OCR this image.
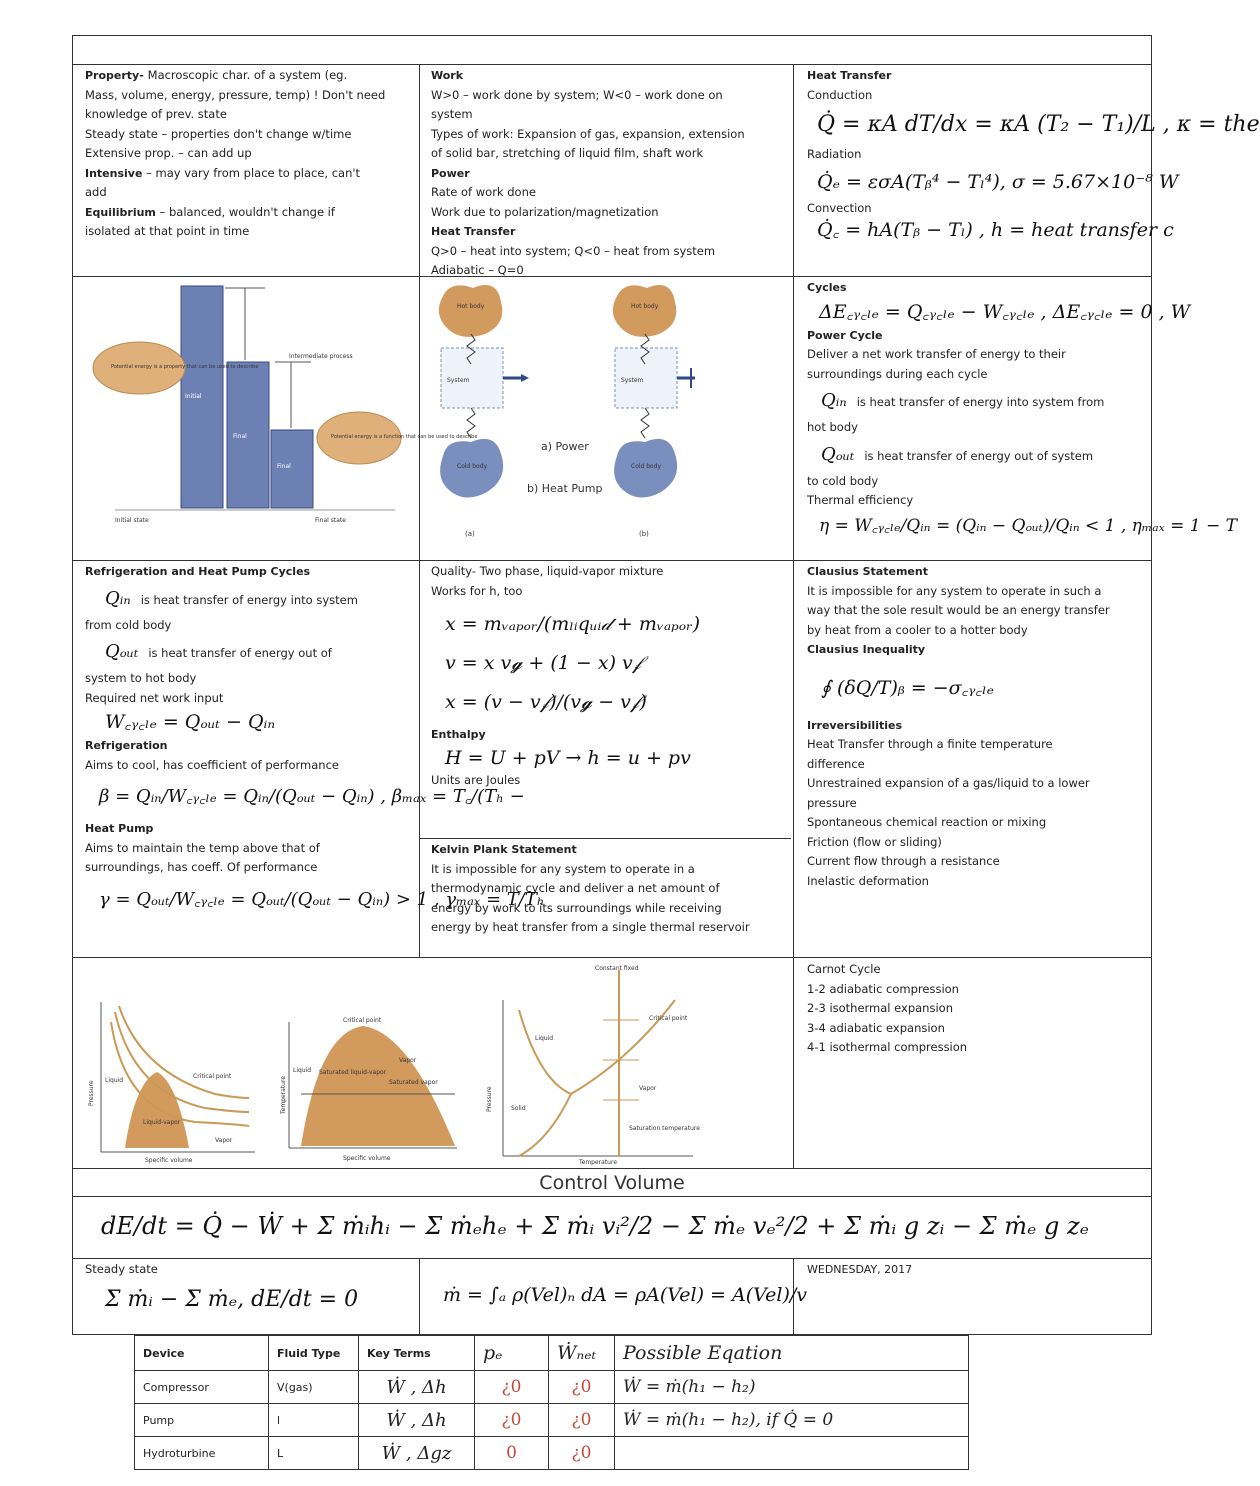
Property- Macroscopic char. of a system (eg.

Mass, volume, energy, pressure, temp) ! Don't need

knowledge of prev. state

Steady state – properties don't change w/time

Extensive prop. – can add up

Intensive – may vary from place to place, can't

add

Equilibrium – balanced, wouldn't change if

isolated at that point in time

Work

W>0 – work done by system; W<0 – work done on

system

Types of work: Expansion of gas, expansion, extension

of solid bar, stretching of liquid film, shaft work

Power

Rate of work done

Work due to polarization/magnetization

Heat Transfer

Q>0 – heat into system; Q<0 – heat from system

Adiabatic – Q=0

Heat Transfer

Conduction

Q̇ = κA dT/dx = κA (T₂ − T₁)/L , κ = the

Radiation

Q̇ₑ = εσA(Tᵦ⁴ − Tₗ⁴), σ = 5.67×10⁻⁸ W

Convection

Q̇꜀ = hA(Tᵦ − Tₗ) , h = heat transfer c

Intermediate process
Initial
Final
Final
Potential energy is a property that can be used to describe
Potential energy is a function that can be used to describe
Initial state	Final state
Hot body
System
Cold body
a) Power
(a)
Hot body
System
Cold body
b) Heat Pump
(b)

Cycles

ΔE꜀ᵧ꜀ₗₑ = Q꜀ᵧ꜀ₗₑ − W꜀ᵧ꜀ₗₑ , ΔE꜀ᵧ꜀ₗₑ = 0 , W

Power Cycle

Deliver a net work transfer of energy to their

surroundings during each cycle

Qᵢₙ is heat transfer of energy into system from

hot body

Qₒᵤₜ is heat transfer of energy out of system

to cold body

Thermal efficiency

η = W꜀ᵧ꜀ₗₑ/Qᵢₙ = (Qᵢₙ − Qₒᵤₜ)/Qᵢₙ < 1 , ηₘₐₓ = 1 − T

Refrigeration and Heat Pump Cycles

Qᵢₙ is heat transfer of energy into system

from cold body

Qₒᵤₜ is heat transfer of energy out of

system to hot body

Required net work input

W꜀ᵧ꜀ₗₑ = Qₒᵤₜ − Qᵢₙ

Refrigeration

Aims to cool, has coefficient of performance

β = Qᵢₙ/W꜀ᵧ꜀ₗₑ = Qᵢₙ/(Qₒᵤₜ − Qᵢₙ) , βₘₐₓ = T꜀/(Tₕ −

Heat Pump

Aims to maintain the temp above that of

surroundings, has coeff. Of performance

γ = Qₒᵤₜ/W꜀ᵧ꜀ₗₑ = Qₒᵤₜ/(Qₒᵤₜ − Qᵢₙ) > 1 , γₘₐₓ = T/Tₕ

Quality- Two phase, liquid-vapor mixture

Works for h, too

x = mᵥₐₚₒᵣ/(mₗᵢqᵤᵢ𝒹 + mᵥₐₚₒᵣ)

v = x v𝓰 + (1 − x) v𝒻

x = (v − v𝒻)/(v𝓰 − v𝒻)

Enthalpy

H = U + pV → h = u + pv

Units are Joules

Kelvin Plank Statement

It is impossible for any system to operate in a

thermodynamic cycle and deliver a net amount of

energy by work to its surroundings while receiving

energy by heat transfer from a single thermal reservoir

Clausius Statement

It is impossible for any system to operate in such a

way that the sole result would be an energy transfer

by heat from a cooler to a hotter body

Clausius Inequality

∮ (δQ/T)ᵦ = −σ꜀ᵧ꜀ₗₑ

Irreversibilities

Heat Transfer through a finite temperature

difference

Unrestrained expansion of a gas/liquid to a lower

pressure

Spontaneous chemical reaction or mixing

Friction (flow or sliding)

Current flow through a resistance

Inelastic deformation

Pressure
Specific volume
Liquid-vapor
Critical point
Liquid
Vapor
Temperature
Specific volume
Critical point
Liquid
Vapor
Saturated liquid-vapor
Saturated vapor
Pressure
Temperature
Constant fixed
Liquid
Solid
Vapor
Critical point
Saturation temperature

Carnot Cycle

1-2 adiabatic compression

2-3 isothermal expansion

3-4 adiabatic expansion

4-1 isothermal compression

Control Volume
dE/dt = Q̇ − Ẇ + Σ ṁᵢhᵢ − Σ ṁₑhₑ + Σ ṁᵢ vᵢ²/2 − Σ ṁₑ vₑ²/2 + Σ ṁᵢ g zᵢ − Σ ṁₑ g zₑ

Steady state

Σ ṁᵢ − Σ ṁₑ, dE/dt = 0	ṁ = ∫ₐ ρ(Vel)ₙ dA = ρA(Vel) = A(Vel)/v

WEDNESDAY, 2017

Device	Fluid Type	Key Terms	pₑ	Ẇₙₑₜ	Possible Eqation
Compressor	V(gas)	Ẇ , Δh	¿0	¿0	Ẇ = ṁ(h₁ − h₂)
Pump	l	Ẇ , Δh	¿0	¿0	Ẇ = ṁ(h₁ − h₂), if Q̇ = 0
Hydroturbine	L	Ẇ , Δgz	0	¿0	
